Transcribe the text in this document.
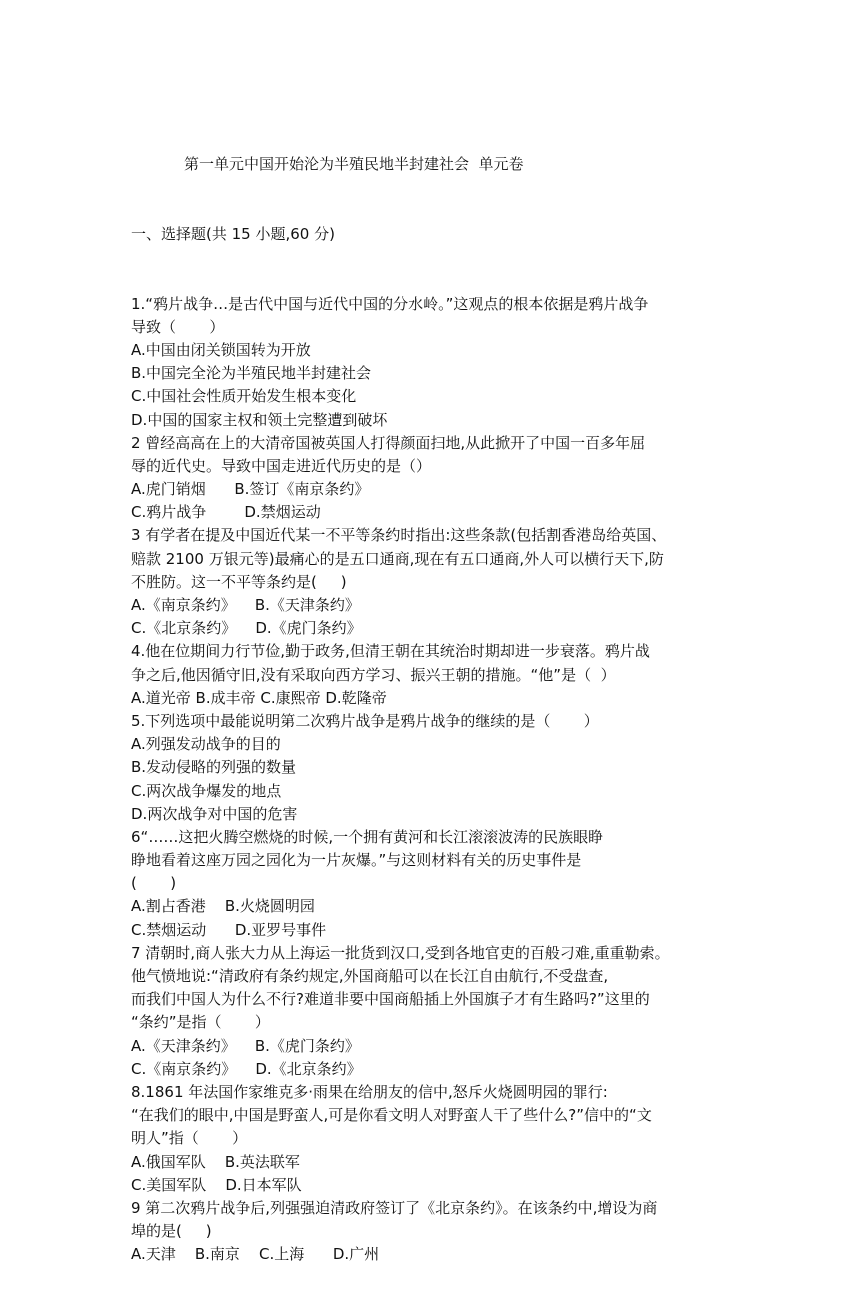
第一单元中国开始沦为半殖民地半封建社会  单元卷

一、选择题(共 15 小题,60 分)

1.“鸦片战争…是古代中国与近代中国的分水岭。”这观点的根本依据是鸦片战争
导致（       ）
A.中国由闭关锁国转为开放
B.中国完全沦为半殖民地半封建社会
C.中国社会性质开始发生根本变化
D.中国的国家主权和领土完整遭到破坏
2 曾经高高在上的大清帝国被英国人打得颜面扫地,从此掀开了中国一百多年屈
辱的近代史。导致中国走进近代历史的是（）
A.虎门销烟      B.签订《南京条约》
C.鸦片战争        D.禁烟运动
3 有学者在提及中国近代某一不平等条约时指出:这些条款(包括割香港岛给英国、
赔款 2100 万银元等)最痛心的是五口通商,现在有五口通商,外人可以横行天下,防
不胜防。这一不平等条约是(     )
A.《南京条约》    B.《天津条约》
C.《北京条约》    D.《虎门条约》
4.他在位期间力行节俭,勤于政务,但清王朝在其统治时期却进一步衰落。鸦片战
争之后,他因循守旧,没有采取向西方学习、振兴王朝的措施。“他”是（  ）
A.道光帝 B.成丰帝 C.康熙帝 D.乾隆帝
5.下列选项中最能说明第二次鸦片战争是鸦片战争的继续的是（       ）
A.列强发动战争的目的
B.发动侵略的列强的数量
C.两次战争爆发的地点
D.两次战争对中国的危害
6“……这把火腾空燃烧的时候,一个拥有黄河和长江滚滚波涛的民族眼睁
睁地看着这座万园之园化为一片灰爆。”与这则材料有关的历史事件是
(       )
A.割占香港    B.火烧圆明园
C.禁烟运动      D.亚罗号事件
7 清朝时,商人张大力从上海运一批货到汉口,受到各地官吏的百般刁难,重重勒索。
他气愤地说:“清政府有条约规定,外国商船可以在长江自由航行,不受盘查,
而我们中国人为什么不行?难道非要中国商船插上外国旗子才有生路吗?”这里的
“条约”是指（       ）
A.《天津条约》    B.《虎门条约》
C.《南京条约》    D.《北京条约》
8.1861 年法国作家维克多·雨果在给朋友的信中,怒斥火烧圆明园的罪行:
“在我们的眼中,中国是野蛮人,可是你看文明人对野蛮人干了些什么?”信中的“文
明人”指（       ）
A.俄国军队    B.英法联军
C.美国军队    D.日本军队
9 第二次鸦片战争后,列强强迫清政府签订了《北京条约》。在该条约中,增设为商
埠的是(     )
A.天津    B.南京    C.上海      D.广州
